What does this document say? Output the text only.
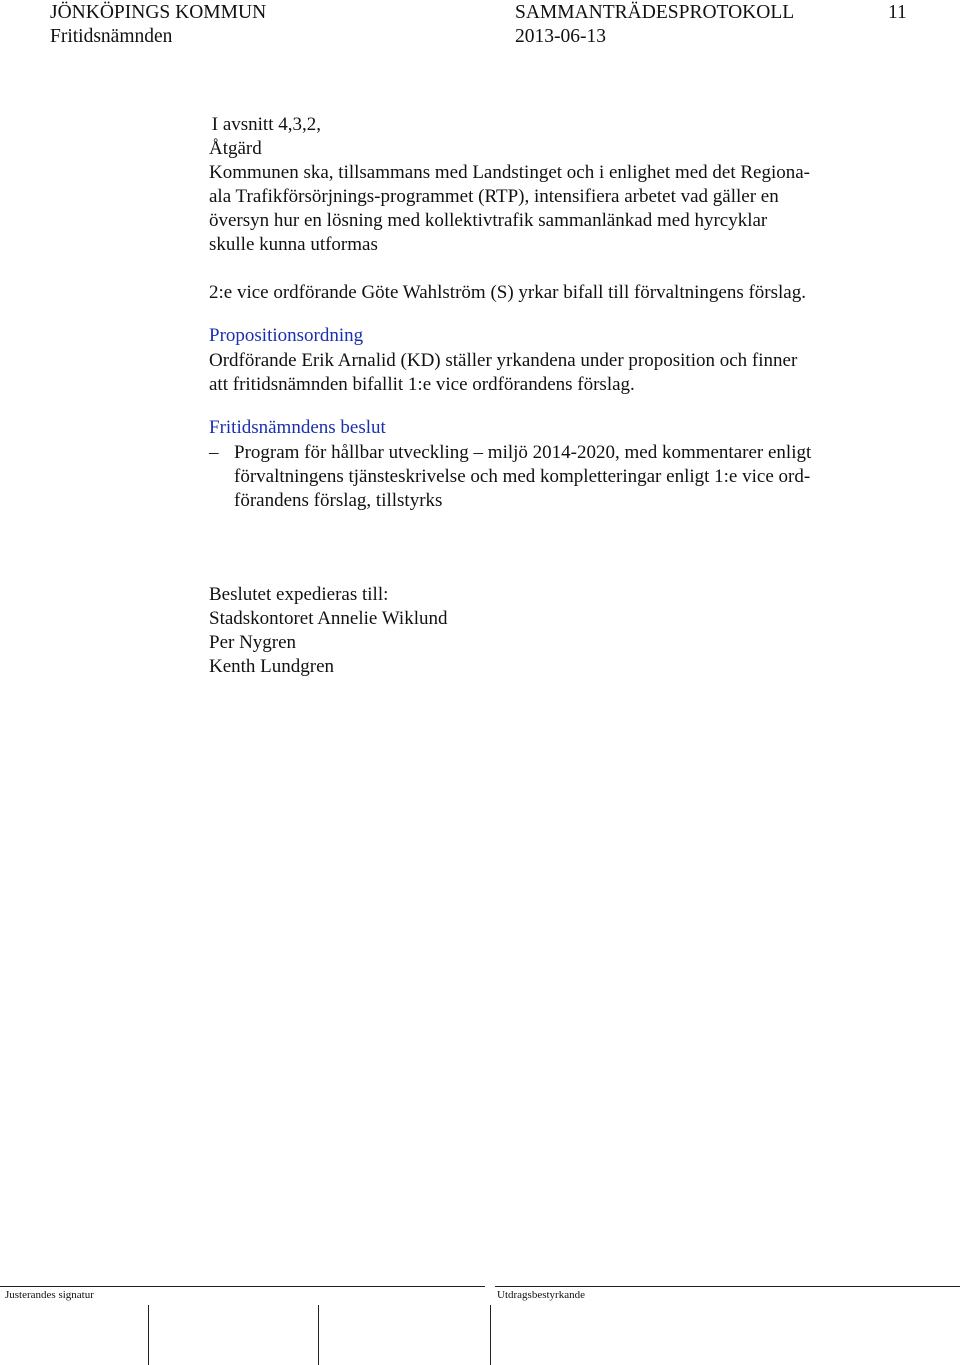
JÖNKÖPINGS KOMMUN	SAMMANTRÄDESPROTOKOLL	11
Fritidsnämnden	2013-06-13
I avsnitt 4,3,2,
Åtgärd
Kommunen ska, tillsammans med Landstinget och i enlighet med det Regiona-
ala Trafikförsörjnings-programmet (RTP), intensifiera arbetet vad gäller en
översyn hur en lösning med kollektivtrafik sammanlänkad med hyrcyklar
skulle kunna utformas
2:e vice ordförande Göte Wahlström (S) yrkar bifall till förvaltningens förslag.
Propositionsordning
Ordförande Erik Arnalid (KD) ställer yrkandena under proposition och finner
att fritidsnämnden bifallit 1:e vice ordförandens förslag.
Fritidsnämndens beslut
– Program för hållbar utveckling – miljö 2014-2020, med kommentarer enligt
förvaltningens tjänsteskrivelse och med kompletteringar enligt 1:e vice ord-
förandens förslag, tillstyrks
Beslutet expedieras till:
Stadskontoret Annelie Wiklund
Per Nygren
Kenth Lundgren
Justerandes signatur	Utdragsbestyrkande
